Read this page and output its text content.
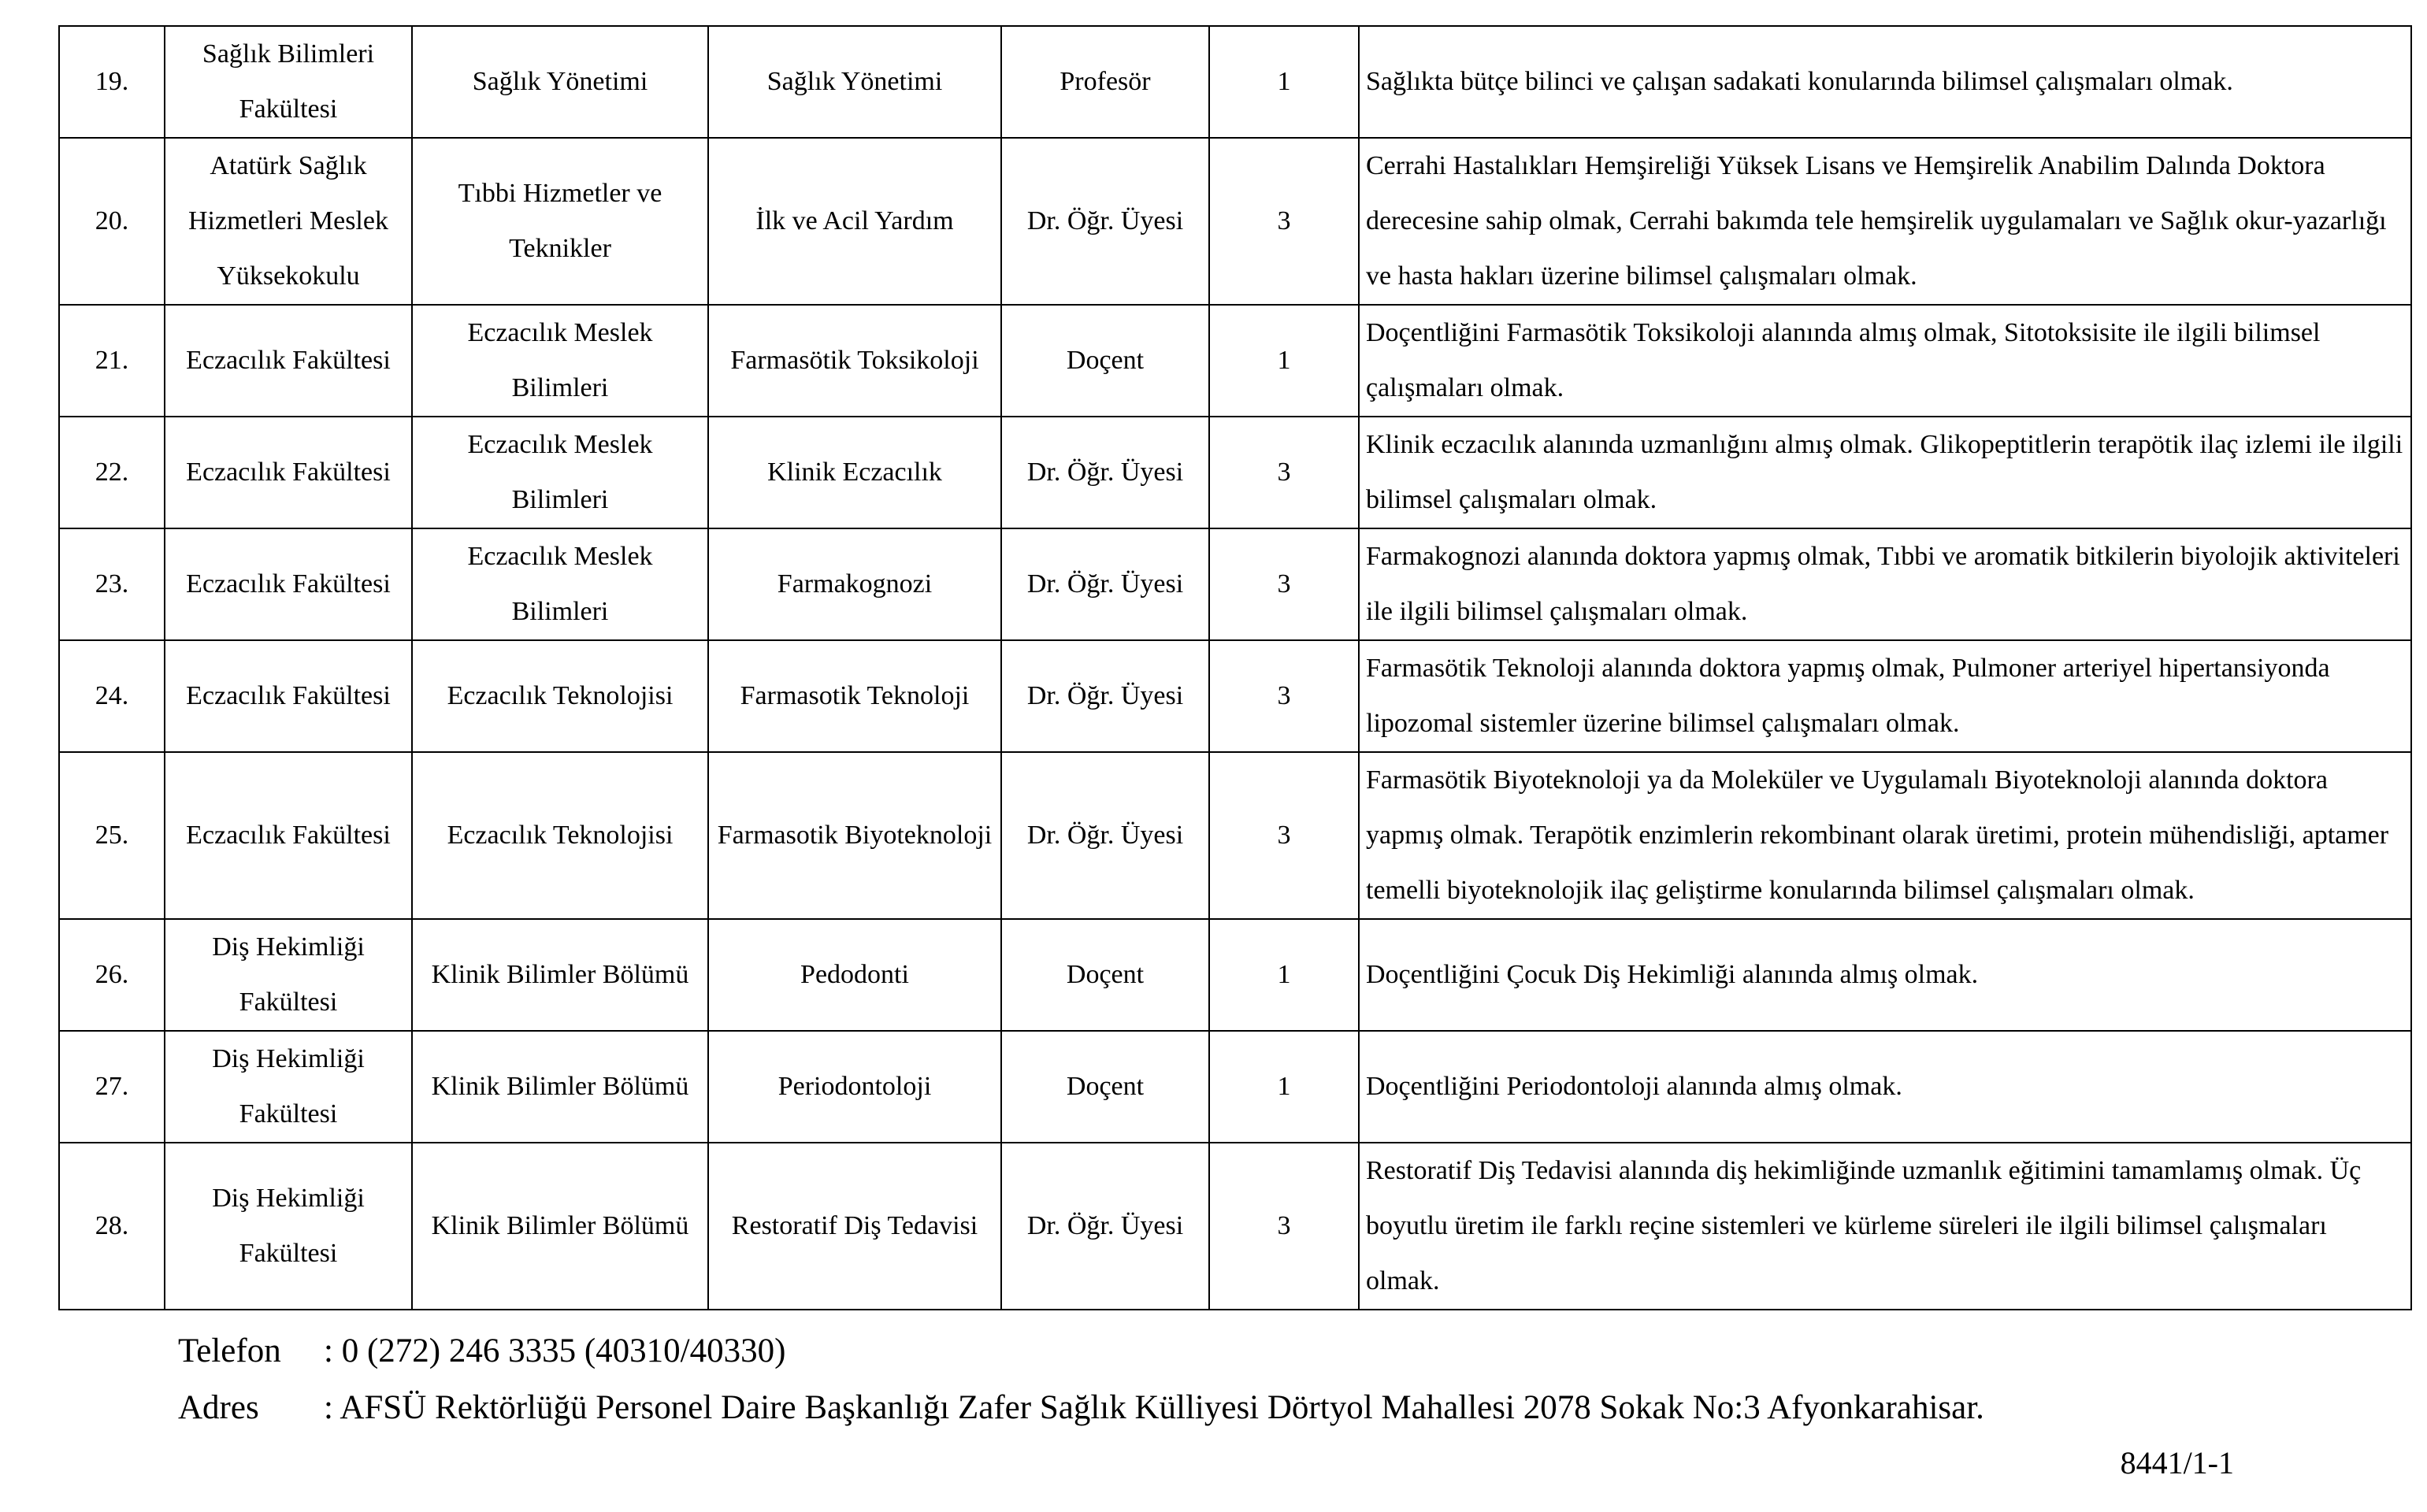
19.	Sağlık Bilimleri Fakültesi	Sağlık Yönetimi	Sağlık Yönetimi	Profesör	1	Sağlıkta bütçe bilinci ve çalışan sadakati konularında bilimsel çalışmaları olmak.
20.	Atatürk Sağlık Hizmetleri Meslek Yüksekokulu	Tıbbi Hizmetler ve Teknikler	İlk ve Acil Yardım	Dr. Öğr. Üyesi	3	Cerrahi Hastalıkları Hemşireliği Yüksek Lisans ve Hemşirelik Anabilim Dalında Doktora derecesine sahip olmak, Cerrahi bakımda tele hemşirelik uygulamaları ve Sağlık okur-yazarlığı ve hasta hakları üzerine bilimsel çalışmaları olmak.
21.	Eczacılık Fakültesi	Eczacılık Meslek Bilimleri	Farmasötik Toksikoloji	Doçent	1	Doçentliğini Farmasötik Toksikoloji alanında almış olmak, Sitotoksisite ile ilgili bilimsel çalışmaları olmak.
22.	Eczacılık Fakültesi	Eczacılık Meslek Bilimleri	Klinik Eczacılık	Dr. Öğr. Üyesi	3	Klinik eczacılık alanında uzmanlığını almış olmak. Glikopeptitlerin terapötik ilaç izlemi ile ilgili bilimsel çalışmaları olmak.
23.	Eczacılık Fakültesi	Eczacılık Meslek Bilimleri	Farmakognozi	Dr. Öğr. Üyesi	3	Farmakognozi alanında doktora yapmış olmak, Tıbbi ve aromatik bitkilerin biyolojik aktiviteleri ile ilgili bilimsel çalışmaları olmak.
24.	Eczacılık Fakültesi	Eczacılık Teknolojisi	Farmasotik Teknoloji	Dr. Öğr. Üyesi	3	Farmasötik Teknoloji alanında doktora yapmış olmak, Pulmoner arteriyel hipertansiyonda lipozomal sistemler üzerine bilimsel çalışmaları olmak.
25.	Eczacılık Fakültesi	Eczacılık Teknolojisi	Farmasotik Biyoteknoloji	Dr. Öğr. Üyesi	3	Farmasötik Biyoteknoloji ya da Moleküler ve Uygulamalı Biyoteknoloji alanında doktora yapmış olmak. Terapötik enzimlerin rekombinant olarak üretimi, protein mühendisliği, aptamer temelli biyoteknolojik ilaç geliştirme konularında bilimsel çalışmaları olmak.
26.	Diş Hekimliği Fakültesi	Klinik Bilimler Bölümü	Pedodonti	Doçent	1	Doçentliğini Çocuk Diş Hekimliği alanında almış olmak.
27.	Diş Hekimliği Fakültesi	Klinik Bilimler Bölümü	Periodontoloji	Doçent	1	Doçentliğini Periodontoloji alanında almış olmak.
28.	Diş Hekimliği Fakültesi	Klinik Bilimler Bölümü	Restoratif Diş Tedavisi	Dr. Öğr. Üyesi	3	Restoratif Diş Tedavisi alanında diş hekimliğinde uzmanlık eğitimini tamamlamış olmak. Üç boyutlu üretim ile farklı reçine sistemleri ve kürleme süreleri ile ilgili bilimsel çalışmaları olmak.
Telefon : 0 (272) 246 3335 (40310/40330)
Adres : AFSÜ Rektörlüğü Personel Daire Başkanlığı Zafer Sağlık Külliyesi Dörtyol Mahallesi 2078 Sokak No:3 Afyonkarahisar.
8441/1-1
